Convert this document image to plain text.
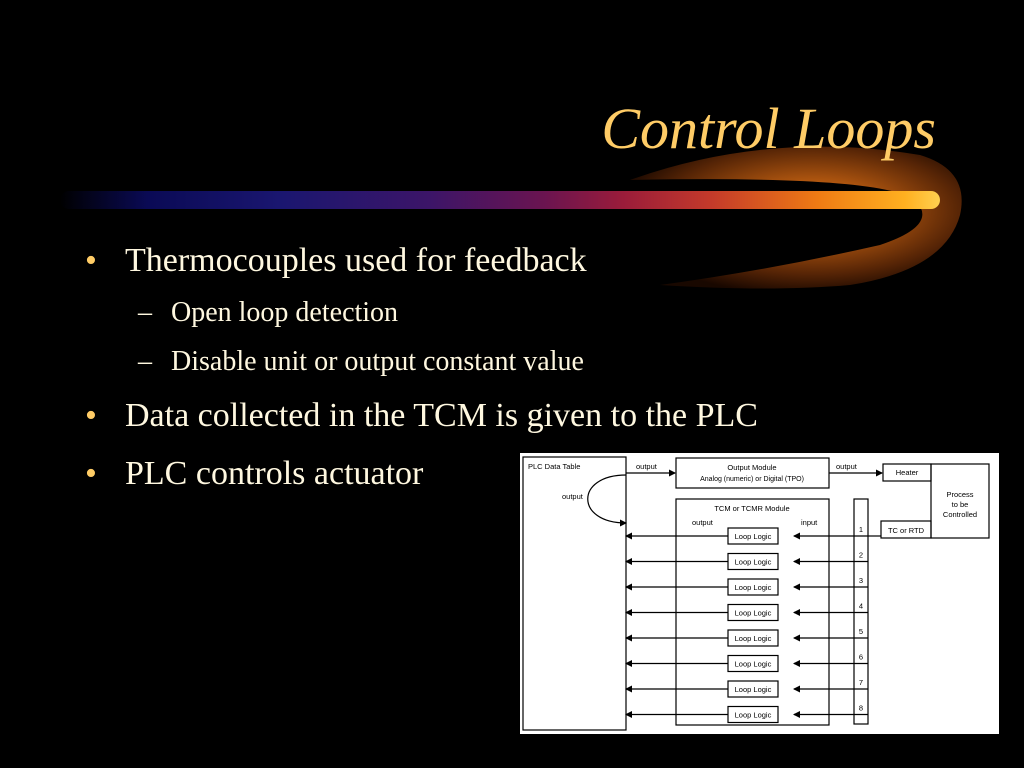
Control Loops
• Thermocouples used for feedback
– Open loop detection
– Disable unit or output constant value
• Data collected in the TCM is given to the PLC
• PLC controls actuator	PLC Data Table
output
output	Output Module
Analog (numeric) or Digital (TPO)
output
Heater
Process
to be
Controlled
TC or RTD
TCM or TCMR Module
output	input
Loop Logic
1
Loop Logic
2
Loop Logic
3
Loop Logic
4
Loop Logic
5
Loop Logic
6
Loop Logic
7
Loop Logic
8
